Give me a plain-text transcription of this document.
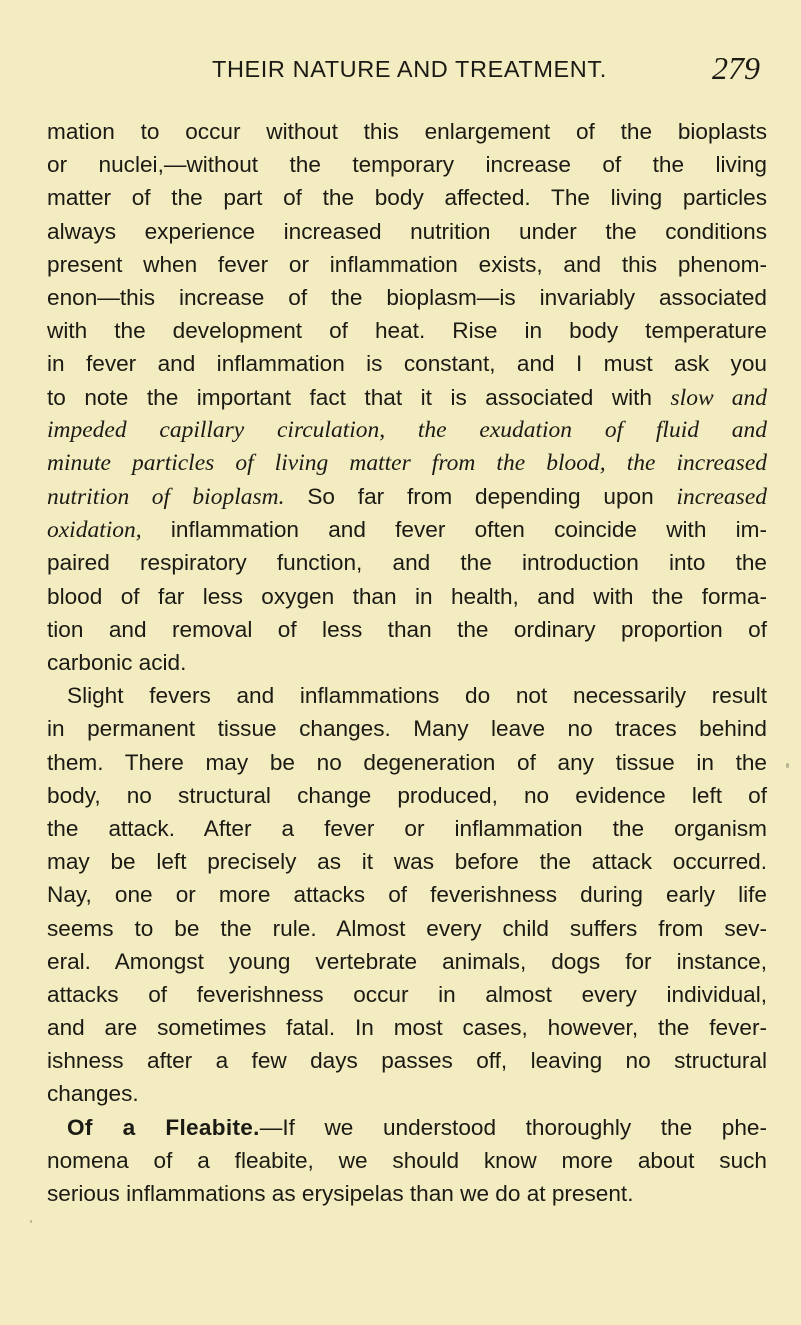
THEIR NATURE AND TREATMENT.	279
mation to occur without this enlargement of the bioplasts
or nuclei,—without the temporary increase of the living
matter of the part of the body affected. The living particles
always experience increased nutrition under the conditions
present when fever or inflammation exists, and this phenom-
enon—this increase of the bioplasm—is invariably associated
with the development of heat. Rise in body temperature
in fever and inflammation is constant, and I must ask you
to note the important fact that it is associated with slow and
impeded capillary circulation, the exudation of fluid and
minute particles of living matter from the blood, the increased
nutrition of bioplasm. So far from depending upon increased
oxidation, inflammation and fever often coincide with im-
paired respiratory function, and the introduction into the
blood of far less oxygen than in health, and with the forma-
tion and removal of less than the ordinary proportion of
carbonic acid.
Slight fevers and inflammations do not necessarily result
in permanent tissue changes. Many leave no traces behind
them. There may be no degeneration of any tissue in the
body, no structural change produced, no evidence left of
the attack. After a fever or inflammation the organism
may be left precisely as it was before the attack occurred.
Nay, one or more attacks of feverishness during early life
seems to be the rule. Almost every child suffers from sev-
eral. Amongst young vertebrate animals, dogs for instance,
attacks of feverishness occur in almost every individual,
and are sometimes fatal. In most cases, however, the fever-
ishness after a few days passes off, leaving no structural
changes.
Of a Fleabite.—If we understood thoroughly the phe-
nomena of a fleabite, we should know more about such
serious inflammations as erysipelas than we do at present.
